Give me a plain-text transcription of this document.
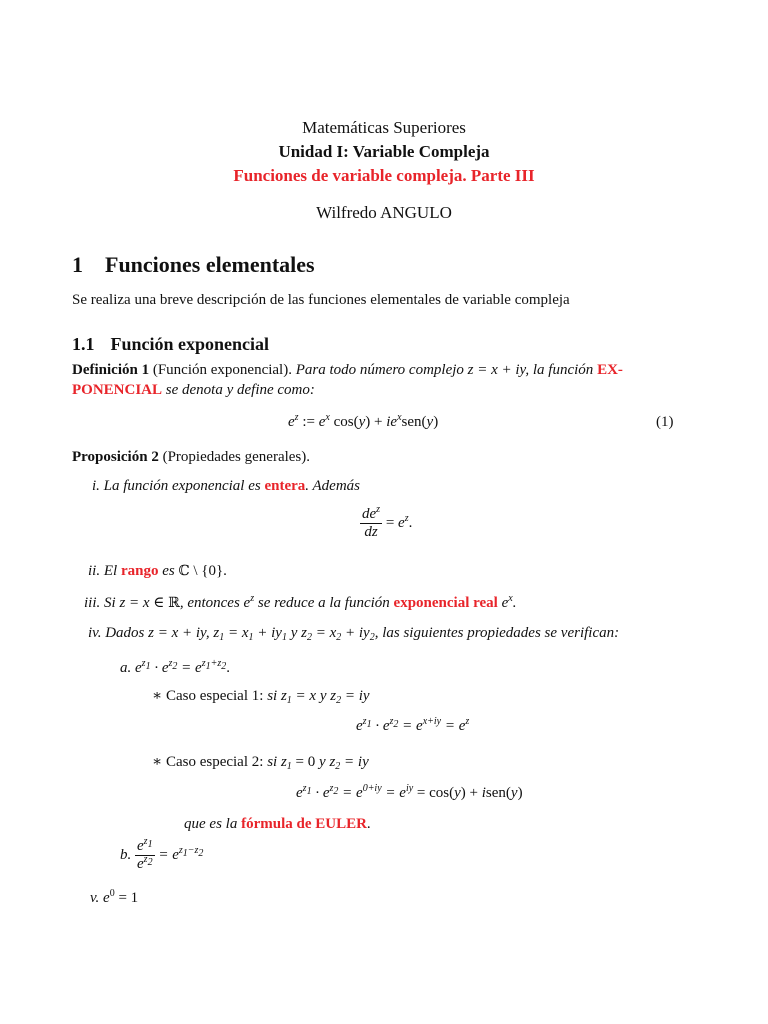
Matemáticas Superiores
Unidad I: Variable Compleja
Funciones de variable compleja. Parte III
Wilfredo ANGULO
1 Funciones elementales
Se realiza una breve descripción de las funciones elementales de variable compleja
1.1 Función exponencial
Definición 1 (Función exponencial). Para todo número complejo z = x + iy, la función EX-
PONENCIAL se denota y define como:
$e^z$ := $e^x$ $\cos(y) + ie^xsen(y)$	(1)
Proposición 2 (Propiedades generales).
i. La función exponencial es entera. Además
$\frac{de^z}{dz} = e^z$.
ii. El rango es ℂ \ {0}.
iii. Si z = x ∈ ℝ, entonces $e^z$ se reduce a la función exponencial real $e^x$.
iv. Dados z = x + iy, $z_1 = x_1 + iy_1$ y $z_2 = x_2 + iy_2$, las siguientes propiedades se verifican:
a. $e^{z_1} \cdot e^{z_2} = e^{z_1+z_2}$.
∗ Caso especial 1: si $z_1 = x$ y $z_2$ = iy
$e^{z_1} \cdot e^{z_2} = e^{x+iy} = e^z$
∗ Caso especial 2: si $z_1 = 0$ y $z_2$ = iy
$e^{z_1} \cdot e^{z_2} = e^{0+iy} = e^{iy} = \cos(y)$ + isen(y)
que es la fórmula de EULER.
b. $\frac{e^{z_1}}{e^{z_2}} = e^{z_1-z_2}$
v. $e^0 = 1$
